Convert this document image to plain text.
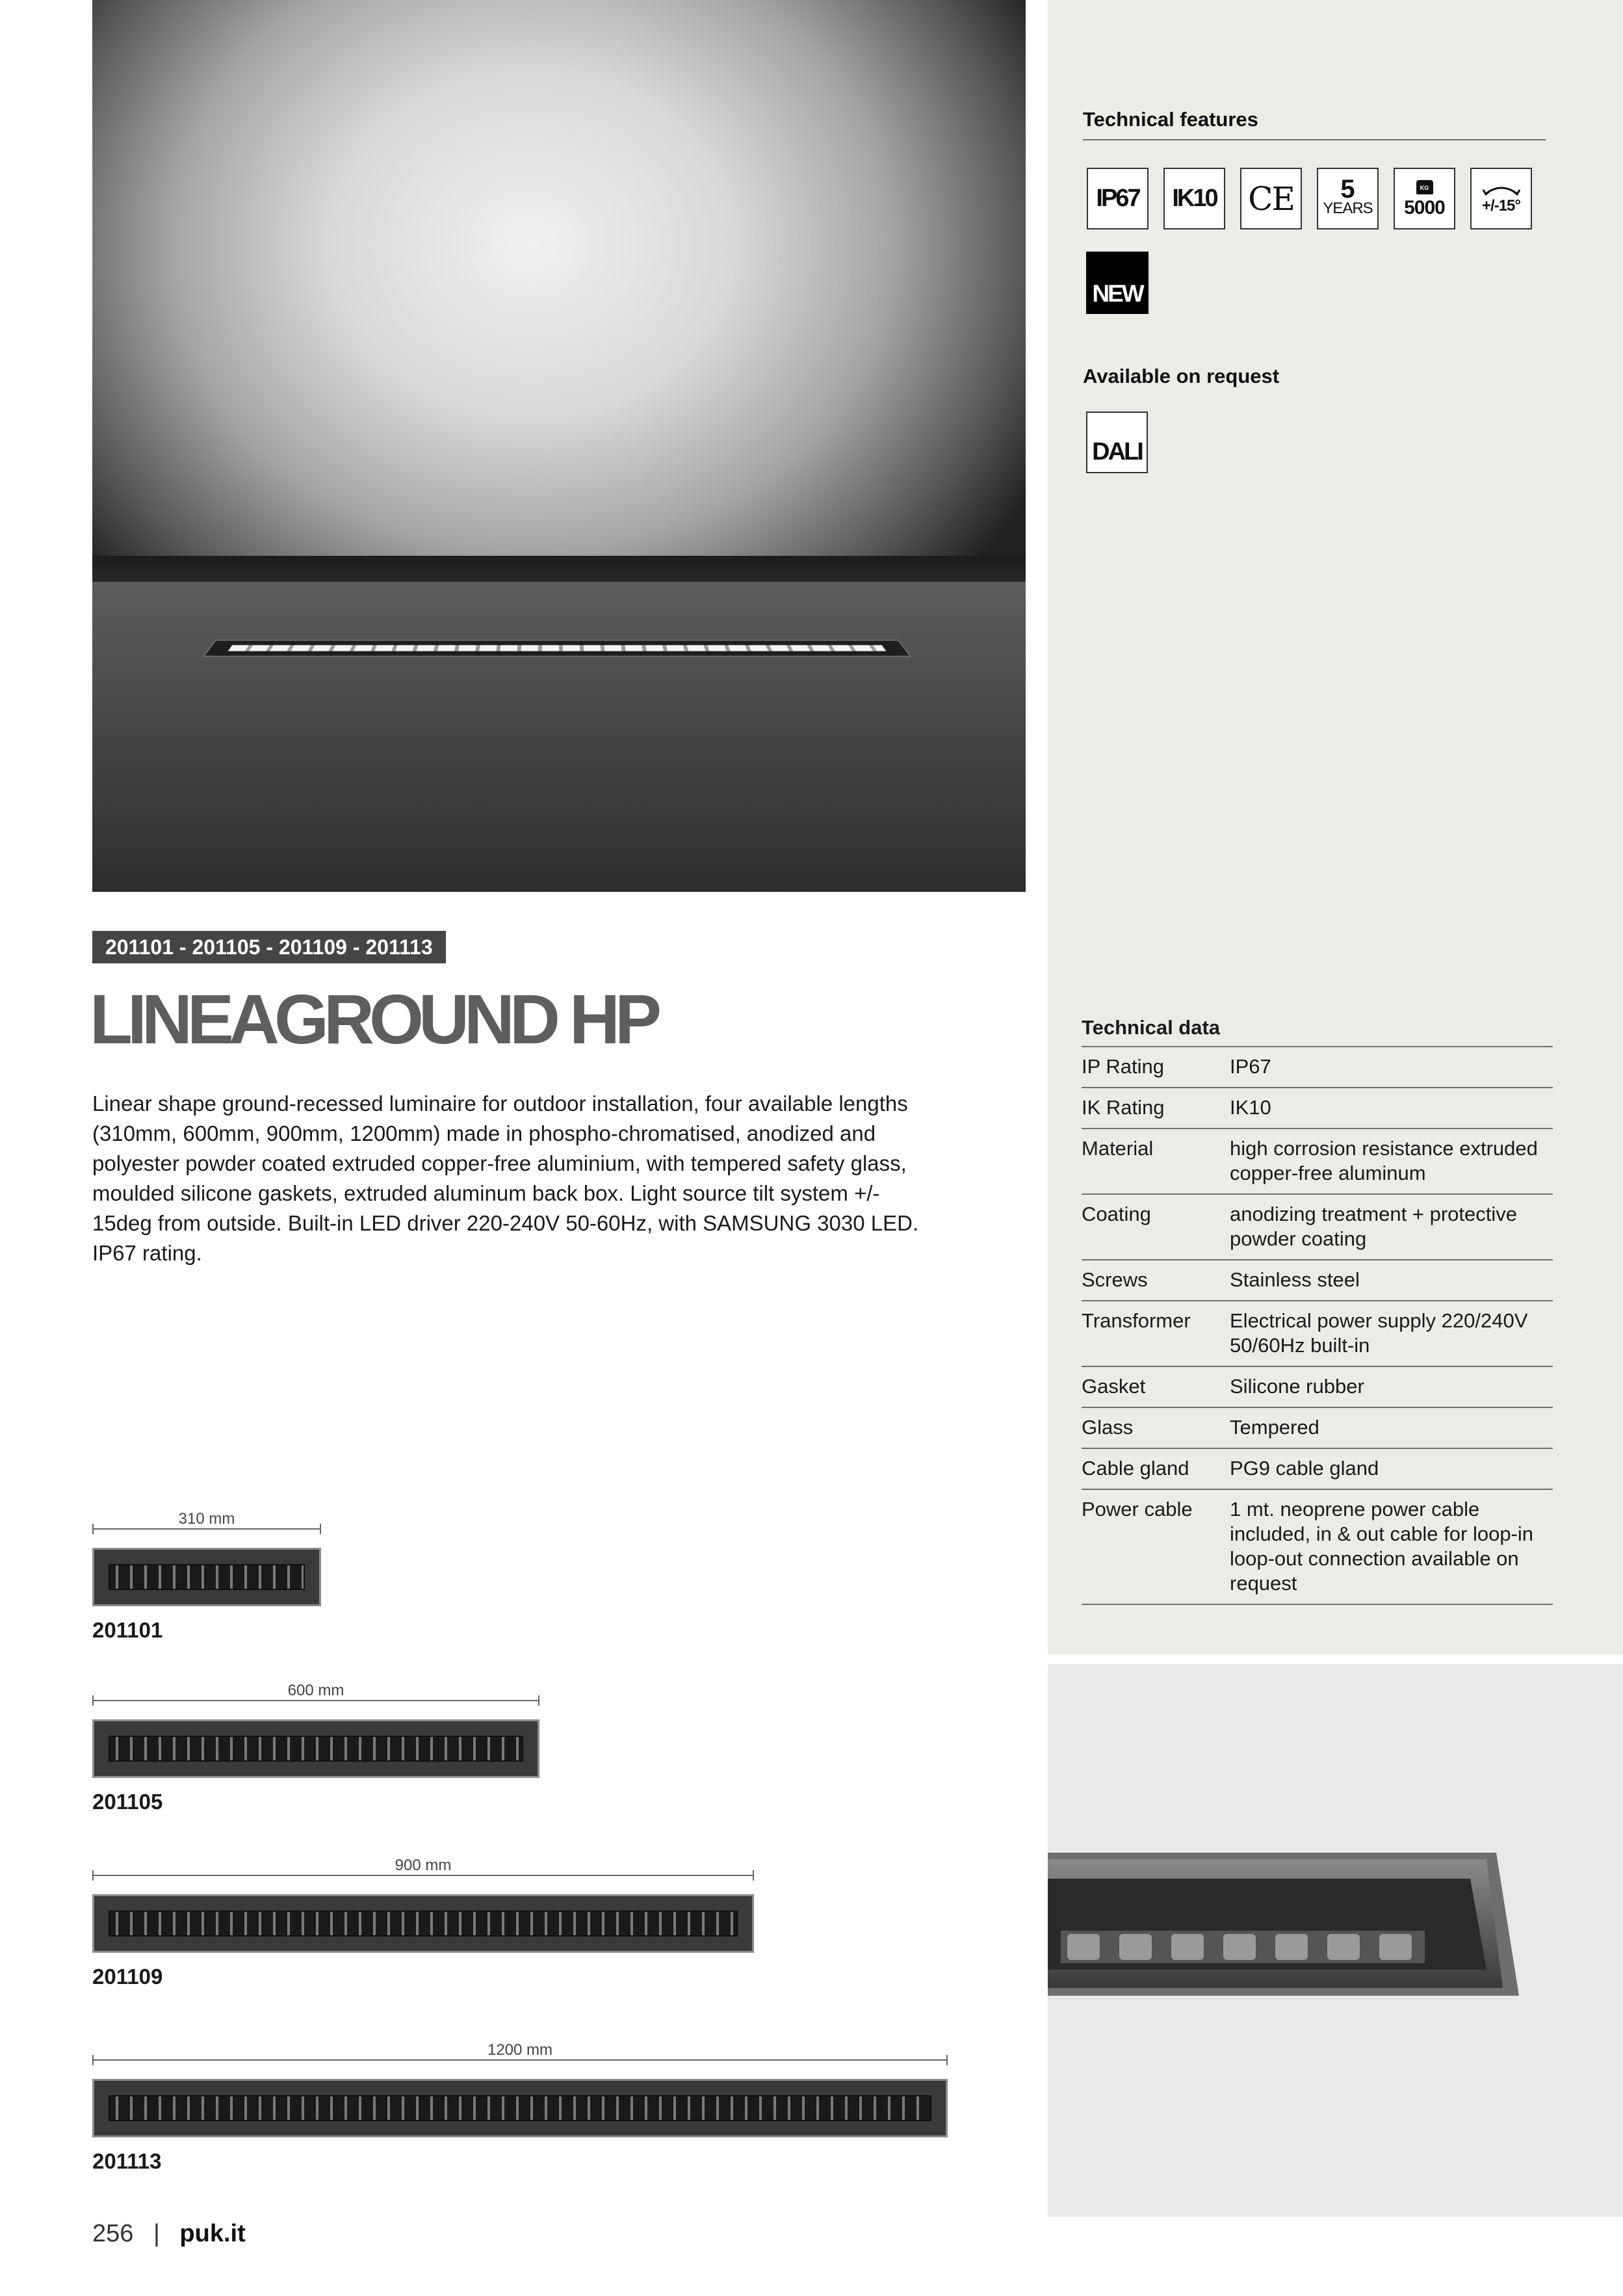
Technical features
IP67 IK10 CE 5
YEARS
KG
5000 +/-15°
NEW
Available on request
DALI
Technical data
IP Rating	IP67
IK Rating	IK10
Material	high corrosion resistance extruded copper-free aluminum
Coating	anodizing treatment + protective powder coating
Screws	Stainless steel
Transformer	Electrical power supply 220/240V 50/60Hz built-in
Gasket	Silicone rubber
Glass	Tempered
Cable gland	PG9 cable gland
Power cable	1 mt. neoprene power cable included, in & out cable for loop-in loop-out connection available on request
201101 - 201105 - 201109 - 201113
LINEAGROUND HP
Linear shape ground-recessed luminaire for outdoor installation, four available lengths (310mm, 600mm, 900mm, 1200mm) made in phospho-chromatised, anodized and polyester powder coated extruded copper-free aluminium, with tempered safety glass, moulded silicone gaskets, extruded aluminum back box. Light source tilt system +/- 15deg from outside. Built-in LED driver 220-240V 50-60Hz, with SAMSUNG 3030 LED. IP67 rating.
310 mm
201101
600 mm
201105
900 mm
201109
1200 mm
201113
256 | puk.it
